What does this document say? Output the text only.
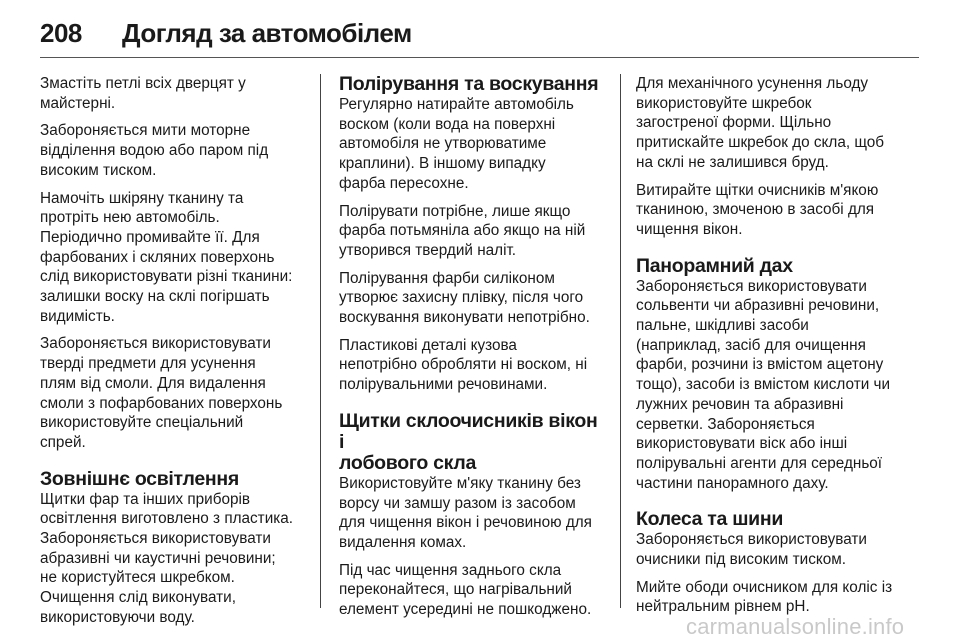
208 Догляд за автомобілем

Змастіть петлі всіх дверцят у
майстерні.

Забороняється мити моторне
відділення водою або паром під
високим тиском.

Намочіть шкіряну тканину та
протріть нею автомобіль.
Періодично промивайте її. Для
фарбованих і скляних поверхонь
слід використовувати різні тканини:
залишки воску на склі погіршать
видимість.

Забороняється використовувати
тверді предмети для усунення
плям від смоли. Для видалення
смоли з пофарбованих поверхонь
використовуйте спеціальний
спрей.

Зовнішнє освітлення

Щитки фар та інших приборів
освітлення виготовлено з пластика.
Забороняється використовувати
абразивні чи каустичні речовини;
не користуйтеся шкребком.
Очищення слід виконувати,
використовуючи воду.

Полірування та воскування

Регулярно натирайте автомобіль
воском (коли вода на поверхні
автомобіля не утворюватиме
краплини). В іншому випадку
фарба пересохне.

Полірувати потрібне, лише якщо
фарба потьмяніла або якщо на ній
утворився твердий наліт.

Полірування фарби силіконом
утворює захисну плівку, після чого
воскування виконувати непотрібно.

Пластикові деталі кузова
непотрібно обробляти ні воском, ні
полірувальними речовинами.

Щитки склоочисників вікон і
лобового скла

Використовуйте м'яку тканину без
ворсу чи замшу разом із засобом
для чищення вікон і речовиною для
видалення комах.

Під час чищення заднього скла
переконайтеся, що нагрівальний
елемент усередині не пошкоджено.

Для механічного усунення льоду
використовуйте шкребок
загостреної форми. Щільно
притискайте шкребок до скла, щоб
на склі не залишився бруд.

Витирайте щітки очисників м'якою
тканиною, змоченою в засобі для
чищення вікон.

Панорамний дах

Забороняється використовувати
сольвенти чи абразивні речовини,
пальне, шкідливі засоби
(наприклад, засіб для очищення
фарби, розчини із вмістом ацетону
тощо), засоби із вмістом кислоти чи
лужних речовин та абразивні
серветки. Забороняється
використовувати віск або інші
полірувальні агенти для середньої
частини панорамного даху.

Колеса та шини

Забороняється використовувати
очисники під високим тиском.

Мийте ободи очисником для коліс із
нейтральним рівнем pH.

carmanualsonline.info
